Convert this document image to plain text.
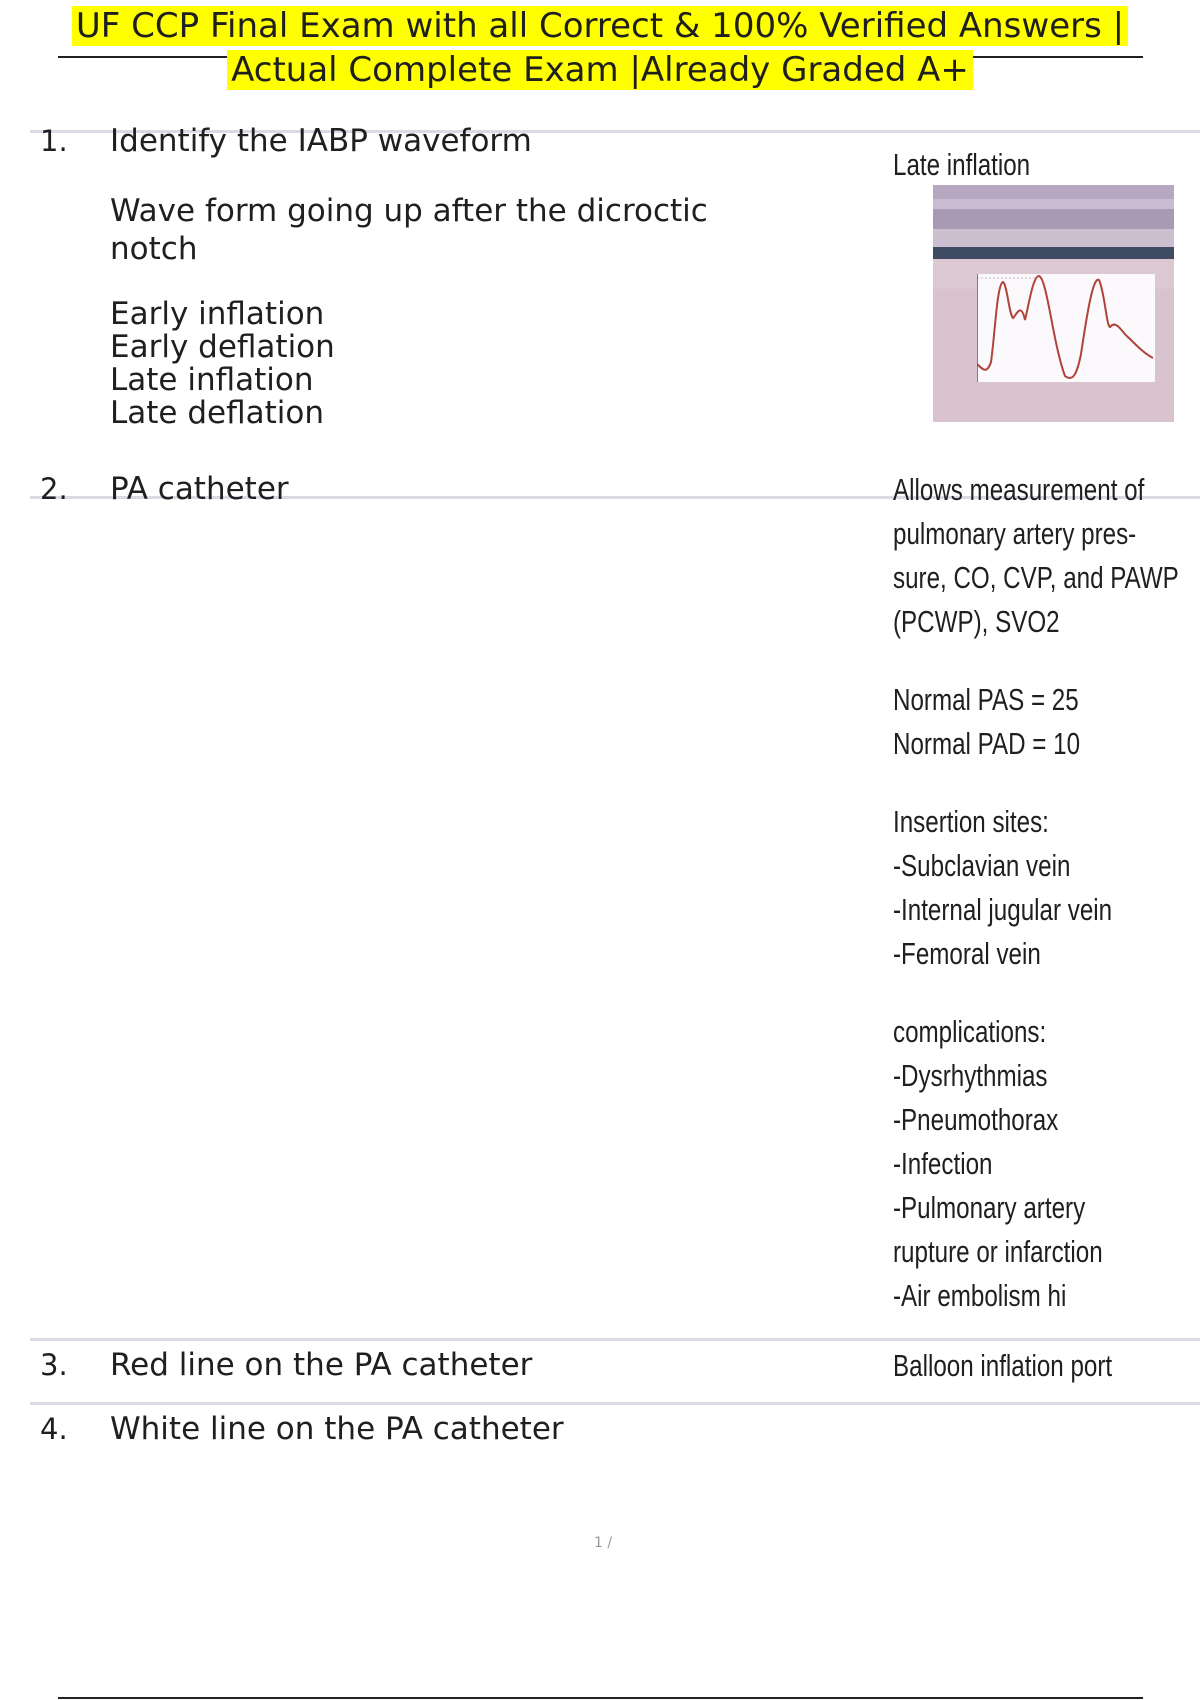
UF CCP Final Exam with all Correct & 100% Verified Answers |
Actual Complete Exam |Already Graded A+
1. Identify the IABP waveform
Wave form going up after the dicroctic notch
Early inflation
Early deflation
Late inflation
Late deflation
Late inflation
2. PA catheter	Allows measurement of
pulmonary artery pres-
sure, CO, CVP, and PAWP
(PCWP), SVO2
Normal PAS = 25
Normal PAD = 10
Insertion sites:
-Subclavian vein
-Internal jugular vein
-Femoral vein
complications:
-Dysrhythmias
-Pneumothorax
-Infection
-Pulmonary artery
rupture or infarction
-Air embolism hi
3. Red line on the PA catheter	Balloon inflation port
4. White line on the PA catheter
1 /
